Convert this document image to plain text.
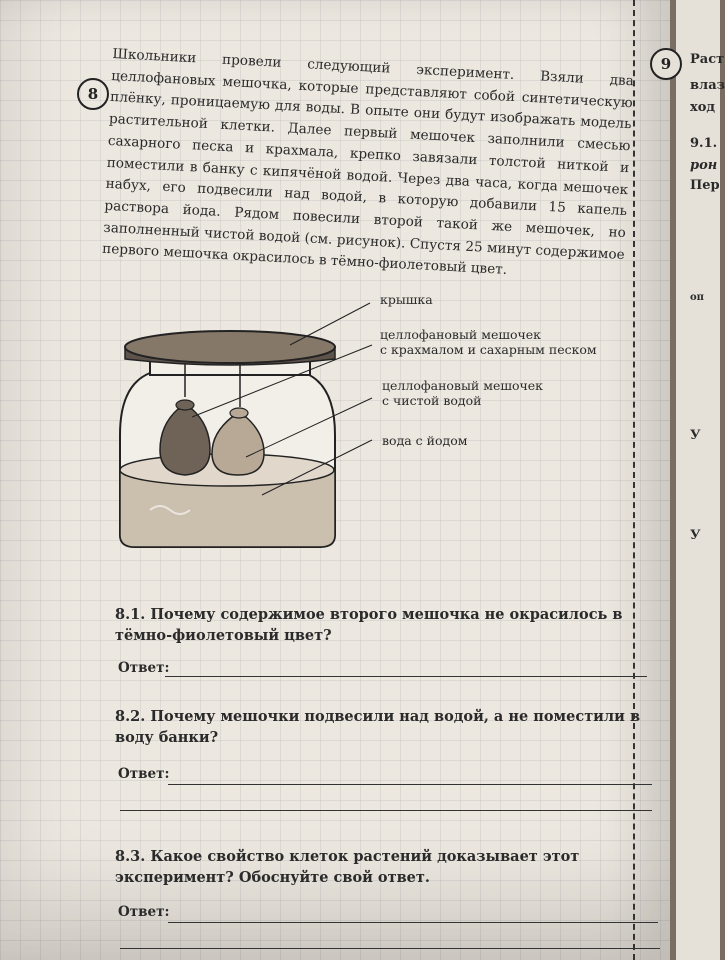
8
Школьники провели следующий эксперимент. Взяли два целлофановых мешочка, которые представляют собой синтетическую плёнку, проницаемую для воды. В опыте они будут изображать модель растительной клетки. Далее первый мешочек заполнили смесью сахарного песка и крахмала, крепко завязали толстой ниткой и поместили в банку с кипячёной водой. Через два часа, когда мешочек набух, его подвесили над водой, в которую добавили 15 капель раствора йода. Рядом повесили второй такой же мешочек, но заполненный чистой водой (см. рисунок). Спустя 25 минут содержимое первого мешочка окрасилось в тёмно-фиолетовый цвет.
крышка
целлофановый мешочек
с крахмалом и сахарным песком
целлофановый мешочек
с чистой водой
вода с йодом
8.1. Почему содержимое второго мешочка не окрасилось в тёмно-фиолетовый цвет?
Ответ:
8.2. Почему мешочки подвесили над водой, а не поместили в воду банки?
Ответ:
8.3. Какое свойство клеток растений доказывает этот эксперимент? Обоснуйте свой ответ.
Ответ:
9	Раст
влаз
ход
9.1.
рон
Пер
оп
У
У
